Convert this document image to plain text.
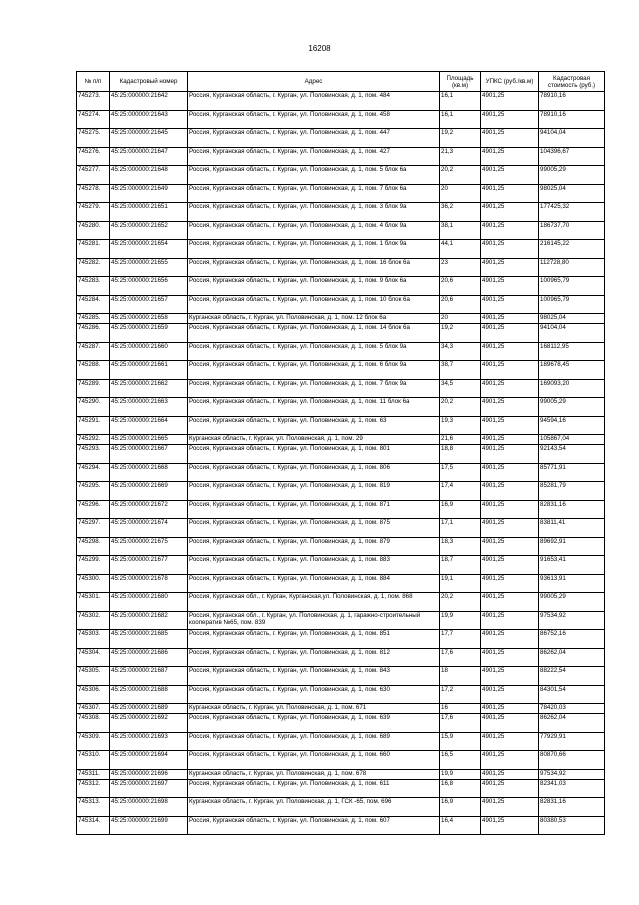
16208
№ п/п	Кадастровый номер	Адрес	Площадь (кв.м)	УПКС (руб./кв.м)	Кадастровая стоимость (руб.)
745273.	45:25:000000:21642	Россия, Курганская область, г. Курган, ул. Половинская, д. 1, пом. 484	16,1	4901,25	78910,16
745274.	45:25:000000:21643	Россия, Курганская область, г. Курган, ул. Половинская, д. 1, пом. 458	16,1	4901,25	78910,16
745275.	45:25:000000:21645	Россия, Курганская область, г. Курган, ул. Половинская, д. 1, пом. 447	19,2	4901,25	94104,04
745276.	45:25:000000:21647	Россия, Курганская область, г. Курган, ул. Половинская, д. 1, пом. 427	21,3	4901,25	104396,67
745277.	45:25:000000:21648	Россия, Курганская область, г. Курган, ул. Половинская, д. 1, пом. 5 блок 6а	20,2	4901,25	99005,29
745278.	45:25:000000:21649	Россия, Курганская область, г. Курган, ул. Половинская, д. 1, пом. 7 блок 6а	20	4901,25	98025,04
745279.	45:25:000000:21651	Россия, Курганская область, г. Курган, ул. Половинская, д. 1, пом. 3 блок 9а	36,2	4901,25	177425,32
745280.	45:25:000000:21652	Россия, Курганская область, г. Курган, ул. Половинская, д. 1, пом. 4 блок 9а	38,1	4901,25	186737,70
745281.	45:25:000000:21654	Россия, Курганская область, г. Курган, ул. Половинская, д. 1, пом. 1 блок 9а	44,1	4901,25	216145,22
745282.	45:25:000000:21655	Россия, Курганская область, г. Курган, ул. Половинская, д. 1, пом. 16 блок 6а	23	4901,25	112728,80
745283.	45:25:000000:21656	Россия, Курганская область, г. Курган, ул. Половинская, д. 1, пом. 9 блок 6а	20,6	4901,25	100965,79
745284.	45:25:000000:21657	Россия, Курганская область, г. Курган, ул. Половинская, д. 1, пом. 10 блок 6а	20,6	4901,25	100965,79
745285.	45:25:000000:21658	Курганская область, г. Курган, ул. Половинская, д. 1, пом. 12 блок 6а	20	4901,25	98025,04
745286.	45:25:000000:21659	Россия, Курганская область, г. Курган, ул. Половинская, д. 1, пом. 14 блок 6а	19,2	4901,25	94104,04
745287.	45:25:000000:21660	Россия, Курганская область, г. Курган, ул. Половинская, д. 1, пом. 5 блок 9а	34,3	4901,25	168112,95
745288.	45:25:000000:21661	Россия, Курганская область, г. Курган, ул. Половинская, д. 1, пом. 6 блок 9а	38,7	4901,25	189678,45
745289.	45:25:000000:21662	Россия, Курганская область, г. Курган, ул. Половинская, д. 1, пом. 7 блок 9а	34,5	4901,25	169093,20
745290.	45:25:000000:21663	Россия, Курганская область, г. Курган, ул. Половинская, д. 1, пом. 11 блок 6а	20,2	4901,25	99005,29
745291.	45:25:000000:21664	Россия, Курганская область, г. Курган, ул. Половинская, д. 1, пом. 63	19,3	4901,25	94594,16
745292.	45:25:000000:21665	Курганская область, г. Курган, ул. Половинская, д. 1, пом. 29	21,6	4901,25	105867,04
745293.	45:25:000000:21667	Россия, Курганская область, г. Курган, ул. Половинская, д. 1, пом. 801	18,8	4901,25	92143,54
745294.	45:25:000000:21668	Россия, Курганская область, г. Курган, ул. Половинская, д. 1, пом. 806	17,5	4901,25	85771,91
745295.	45:25:000000:21669	Россия, Курганская область, г. Курган, ул. Половинская, д. 1, пом. 819	17,4	4901,25	85281,79
745296.	45:25:000000:21672	Россия, Курганская область, г. Курган, ул. Половинская, д. 1, пом. 871	16,9	4901,25	82831,16
745297.	45:25:000000:21674	Россия, Курганская область, г. Курган, ул. Половинская, д. 1, пом. 875	17,1	4901,25	83811,41
745298.	45:25:000000:21675	Россия, Курганская область, г. Курган, ул. Половинская, д. 1, пом. 879	18,3	4901,25	89692,91
745299.	45:25:000000:21677	Россия, Курганская область, г. Курган, ул. Половинская, д. 1, пом. 883	18,7	4901,25	91653,41
745300.	45:25:000000:21678	Россия, Курганская область, г. Курган, ул. Половинская, д. 1, пом. 884	19,1	4901,25	93613,91
745301.	45:25:000000:21680	Россия, Курганская обл., г. Курган, Курганская,ул. Половинская, д. 1, пом. 868	20,2	4901,25	99005,29
745302.	45:25:000000:21682	Россия, Курганская обл., г. Курган, ул. Половинская, д. 1, гаражно-строительный кооператив №65, пом. 839	19,9	4901,25	97534,92
745303.	45:25:000000:21685	Россия, Курганская область, г. Курган, ул. Половинская, д. 1, пом. 851	17,7	4901,25	86752,16
745304.	45:25:000000:21686	Россия, Курганская область, г. Курган, ул. Половинская, д. 1, пом. 812	17,6	4901,25	86262,04
745305.	45:25:000000:21687	Россия, Курганская область, г. Курган, ул. Половинская, д. 1, пом. 843	18	4901,25	88222,54
745306.	45:25:000000:21688	Россия, Курганская область, г. Курган, ул. Половинская, д. 1, пом. 630	17,2	4901,25	84301,54
745307.	45:25:000000:21689	Курганская область, г. Курган, ул. Половинская, д. 1, пом. 671	16	4901,25	78420,03
745308.	45:25:000000:21692	Россия, Курганская область, г. Курган, ул. Половинская, д. 1, пом. 639	17,6	4901,25	86262,04
745309.	45:25:000000:21693	Россия, Курганская область, г. Курган, ул. Половинская, д. 1, пом. 689	15,9	4901,25	77929,91
745310.	45:25:000000:21694	Россия, Курганская область, г. Курган, ул. Половинская, д. 1, пом. 660	16,5	4901,25	80870,66
745311.	45:25:000000:21696	Курганская область, г. Курган, ул. Половинская, д. 1, пом. 678	19,9	4901,25	97534,92
745312.	45:25:000000:21697	Россия, Курганская область, г. Курган, ул. Половинская, д. 1, пом. 611	16,8	4901,25	82341,03
745313.	45:25:000000:21698	Курганская область, г. Курган, ул. Половинская, д. 1, ГСК -65, пом. 696	16,9	4901,25	82831,16
745314.	45:25:000000:21699	Россия, Курганская область, г. Курган, ул. Половинская, д. 1, пом. 607	16,4	4901,25	80380,53
